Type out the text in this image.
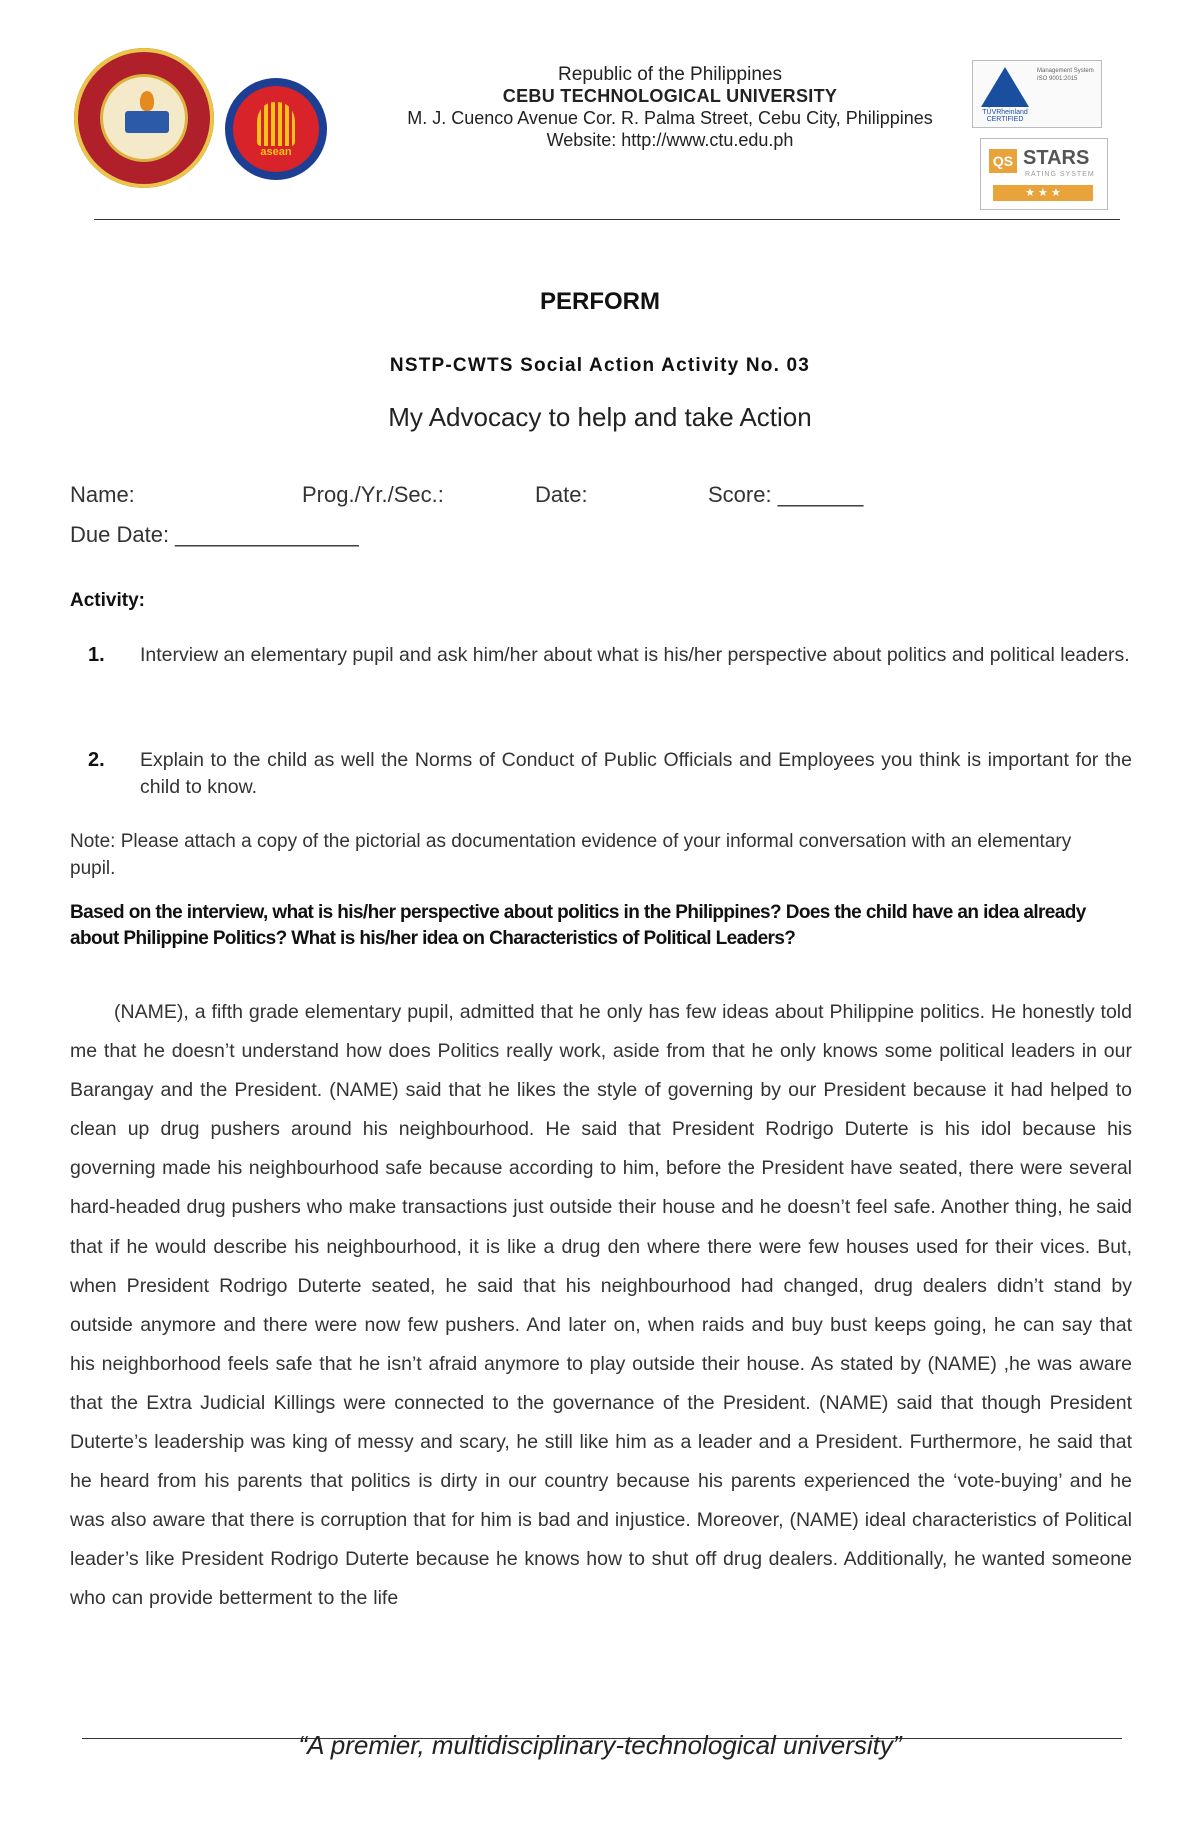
asean
Republic of the Philippines
CEBU TECHNOLOGICAL UNIVERSITY
M. J. Cuenco Avenue Cor. R. Palma Street, Cebu City, Philippines
Website: http://www.ctu.edu.ph
TÜVRheinland CERTIFIED
Management System ISO 9001:2015
QS STARS
RATING SYSTEM
★ ★ ★
PERFORM
NSTP-CWTS Social Action Activity No. 03
My Advocacy to help and take Action
Name:	Prog./Yr./Sec.:	Date:	Score: _______
Due Date: _______________
Activity:
1. Interview an elementary pupil and ask him/her about what is his/her perspective about politics and political leaders.
2. Explain to the child as well the Norms of Conduct of Public Officials and Employees you think is important for the child to know.
Note: Please attach a copy of the pictorial as documentation evidence of your informal conversation with an elementary pupil.
Based on the interview, what is his/her perspective about politics in the Philippines? Does the child have an idea already about Philippine Politics? What is his/her idea on Characteristics of Political Leaders?
(NAME), a fifth grade elementary pupil, admitted that he only has few ideas about Philippine politics. He honestly told me that he doesn’t understand how does Politics really work, aside from that he only knows some political leaders in our Barangay and the President. (NAME) said that he likes the style of governing by our President because it had helped to clean up drug pushers around his neighbourhood. He said that President Rodrigo Duterte is his idol because his governing made his neighbourhood safe because according to him, before the President have seated, there were several hard-headed drug pushers who make transactions just outside their house and he doesn’t feel safe. Another thing, he said that if he would describe his neighbourhood, it is like a drug den where there were few houses used for their vices. But, when President Rodrigo Duterte seated, he said that his neighbourhood had changed, drug dealers didn’t stand by outside anymore and there were now few pushers. And later on, when raids and buy bust keeps going, he can say that his neighborhood feels safe that he isn’t afraid anymore to play outside their house. As stated by (NAME) ,he was aware that the Extra Judicial Killings were connected to the governance of the President. (NAME) said that though President Duterte’s leadership was king of messy and scary, he still like him as a leader and a President. Furthermore, he said that he heard from his parents that politics is dirty in our country because his parents experienced the ‘vote-buying’ and he was also aware that there is corruption that for him is bad and injustice. Moreover, (NAME) ideal characteristics of Political leader’s like President Rodrigo Duterte because he knows how to shut off drug dealers. Additionally, he wanted someone who can provide betterment to the life
“A premier, multidisciplinary-technological university”
